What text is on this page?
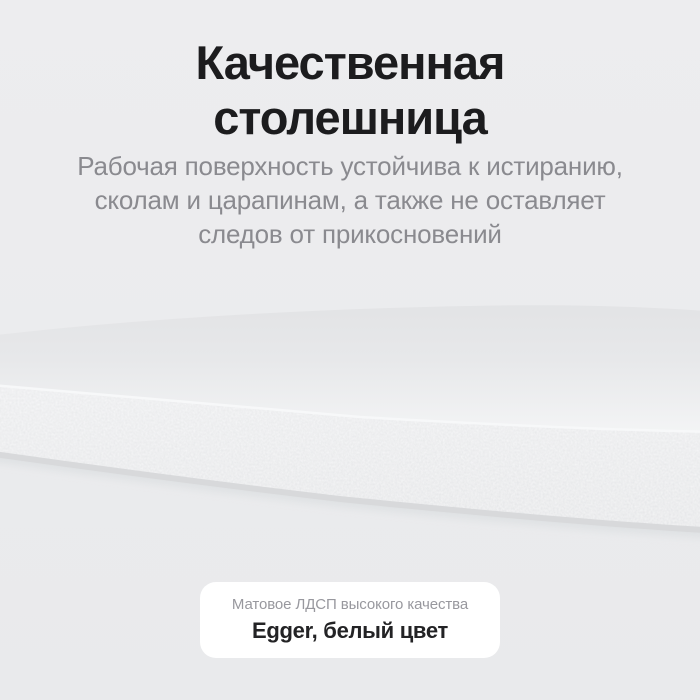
Качественная
столешница

Рабочая поверхность устойчива к истиранию,
сколам и царапинам, а также не оставляет
следов от прикосновений

Матовое ЛДСП высокого качества
Egger, белый цвет
